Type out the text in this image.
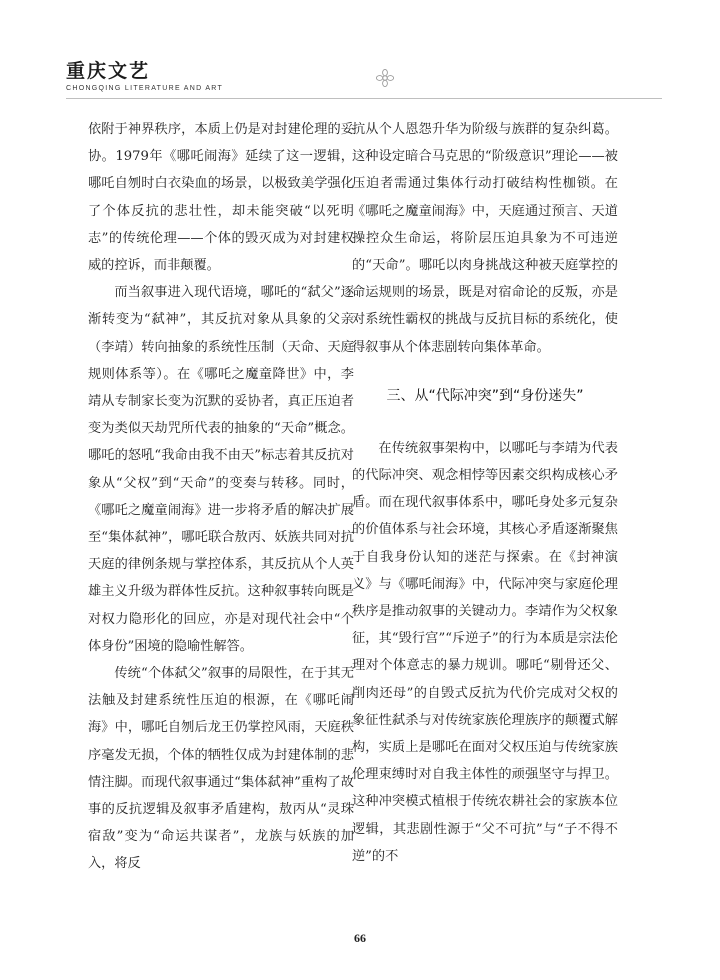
重庆文艺
CHONGQING LITERATURE AND ART

依附于神界秩序，本质上仍是对封建伦理的妥协。1979年《哪吒闹海》延续了这一逻辑，哪吒自刎时白衣染血的场景，以极致美学强化了个体反抗的悲壮性，却未能突破“以死明志”的传统伦理——个体的毁灭成为对封建权威的控诉，而非颠覆。

而当叙事进入现代语境，哪吒的“弑父”逐渐转变为“弑神”，其反抗对象从具象的父亲（李靖）转向抽象的系统性压制（天命、天庭规则体系等）。在《哪吒之魔童降世》中，李靖从专制家长变为沉默的妥协者，真正压迫者变为类似天劫咒所代表的抽象的“天命”概念。哪吒的怒吼“我命由我不由天”标志着其反抗对象从“父权”到“天命”的变奏与转移。同时，《哪吒之魔童闹海》进一步将矛盾的解决扩展至“集体弑神”，哪吒联合敖丙、妖族共同对抗天庭的律例条规与掌控体系，其反抗从个人英雄主义升级为群体性反抗。这种叙事转向既是对权力隐形化的回应，亦是对现代社会中“个体身份”困境的隐喻性解答。

传统“个体弑父”叙事的局限性，在于其无法触及封建系统性压迫的根源，在《哪吒闹海》中，哪吒自刎后龙王仍掌控风雨，天庭秩序毫发无损，个体的牺牲仅成为封建体制的悲情注脚。而现代叙事通过“集体弑神”重构了故事的反抗逻辑及叙事矛盾建构，敖丙从“灵珠宿敌”变为“命运共谋者”，龙族与妖族的加入，将反

抗从个人恩怨升华为阶级与族群的复杂纠葛。这种设定暗合马克思的“阶级意识”理论——被压迫者需通过集体行动打破结构性枷锁。在《哪吒之魔童闹海》中，天庭通过预言、天道操控众生命运，将阶层压迫具象为不可违逆的“天命”。哪吒以肉身挑战这种被天庭掌控的命运规则的场景，既是对宿命论的反叛，亦是对系统性霸权的挑战与反抗目标的系统化，使得叙事从个体悲剧转向集体革命。

三、从“代际冲突”到“身份迷失”

在传统叙事架构中，以哪吒与李靖为代表的代际冲突、观念相悖等因素交织构成核心矛盾。而在现代叙事体系中，哪吒身处多元复杂的价值体系与社会环境，其核心矛盾逐渐聚焦于自我身份认知的迷茫与探索。在《封神演义》与《哪吒闹海》中，代际冲突与家庭伦理秩序是推动叙事的关键动力。李靖作为父权象征，其“毁行宫”“斥逆子”的行为本质是宗法伦理对个体意志的暴力规训。哪吒“剔骨还父、削肉还母”的自毁式反抗为代价完成对父权的象征性弑杀与对传统家族伦理族序的颠覆式解构，实质上是哪吒在面对父权压迫与传统家族伦理束缚时对自我主体性的顽强坚守与捍卫。这种冲突模式植根于传统农耕社会的家族本位逻辑，其悲剧性源于“父不可抗”与“子不得不逆”的不

66
